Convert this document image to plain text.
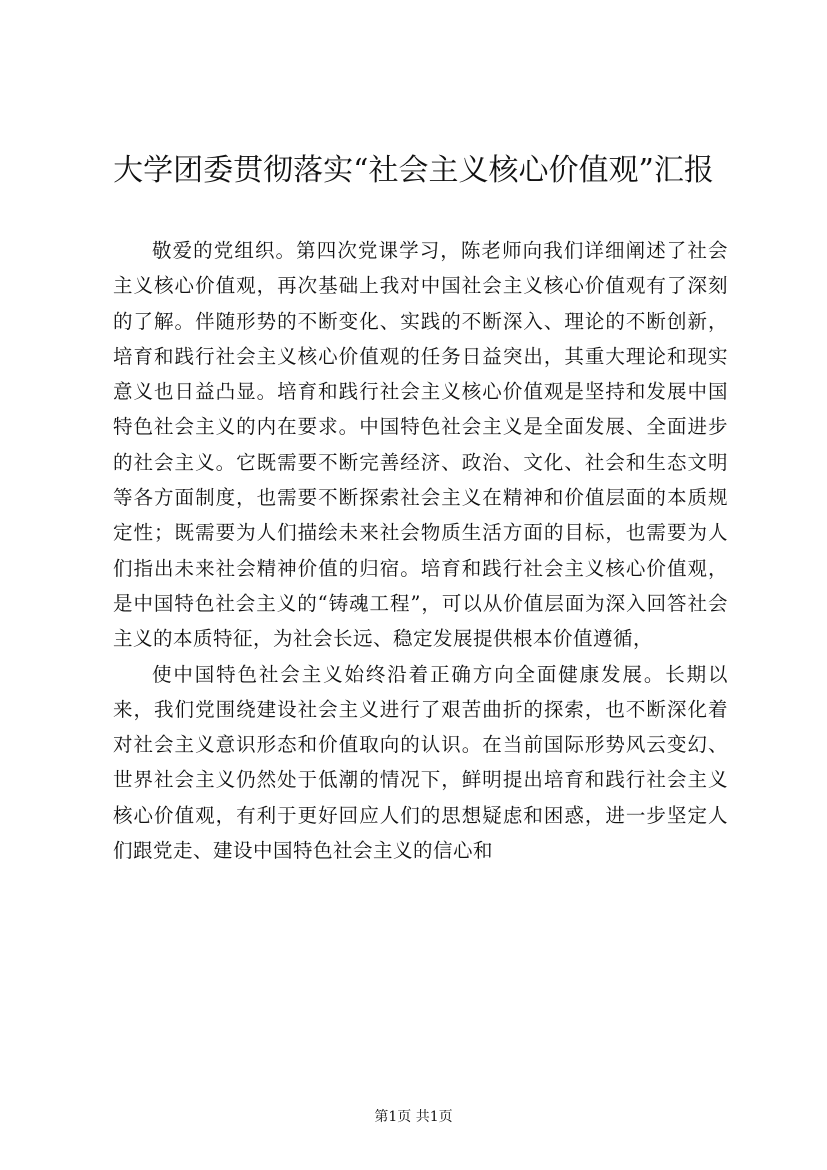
大学团委贯彻落实“社会主义核心价值观”汇报

敬爱的党组织。第四次党课学习，陈老师向我们详细阐述了社会主义核心价值观，再次基础上我对中国社会主义核心价值观有了深刻的了解。伴随形势的不断变化、实践的不断深入、理论的不断创新，培育和践行社会主义核心价值观的任务日益突出，其重大理论和现实意义也日益凸显。培育和践行社会主义核心价值观是坚持和发展中国特色社会主义的内在要求。中国特色社会主义是全面发展、全面进步的社会主义。它既需要不断完善经济、政治、文化、社会和生态文明等各方面制度，也需要不断探索社会主义在精神和价值层面的本质规定性；既需要为人们描绘未来社会物质生活方面的目标，也需要为人们指出未来社会精神价值的归宿。培育和践行社会主义核心价值观，是中国特色社会主义的“铸魂工程”，可以从价值层面为深入回答社会主义的本质特征，为社会长远、稳定发展提供根本价值遵循，

使中国特色社会主义始终沿着正确方向全面健康发展。长期以来，我们党围绕建设社会主义进行了艰苦曲折的探索，也不断深化着对社会主义意识形态和价值取向的认识。在当前国际形势风云变幻、世界社会主义仍然处于低潮的情况下，鲜明提出培育和践行社会主义核心价值观，有利于更好回应人们的思想疑虑和困惑，进一步坚定人们跟党走、建设中国特色社会主义的信心和

第1页 共1页
